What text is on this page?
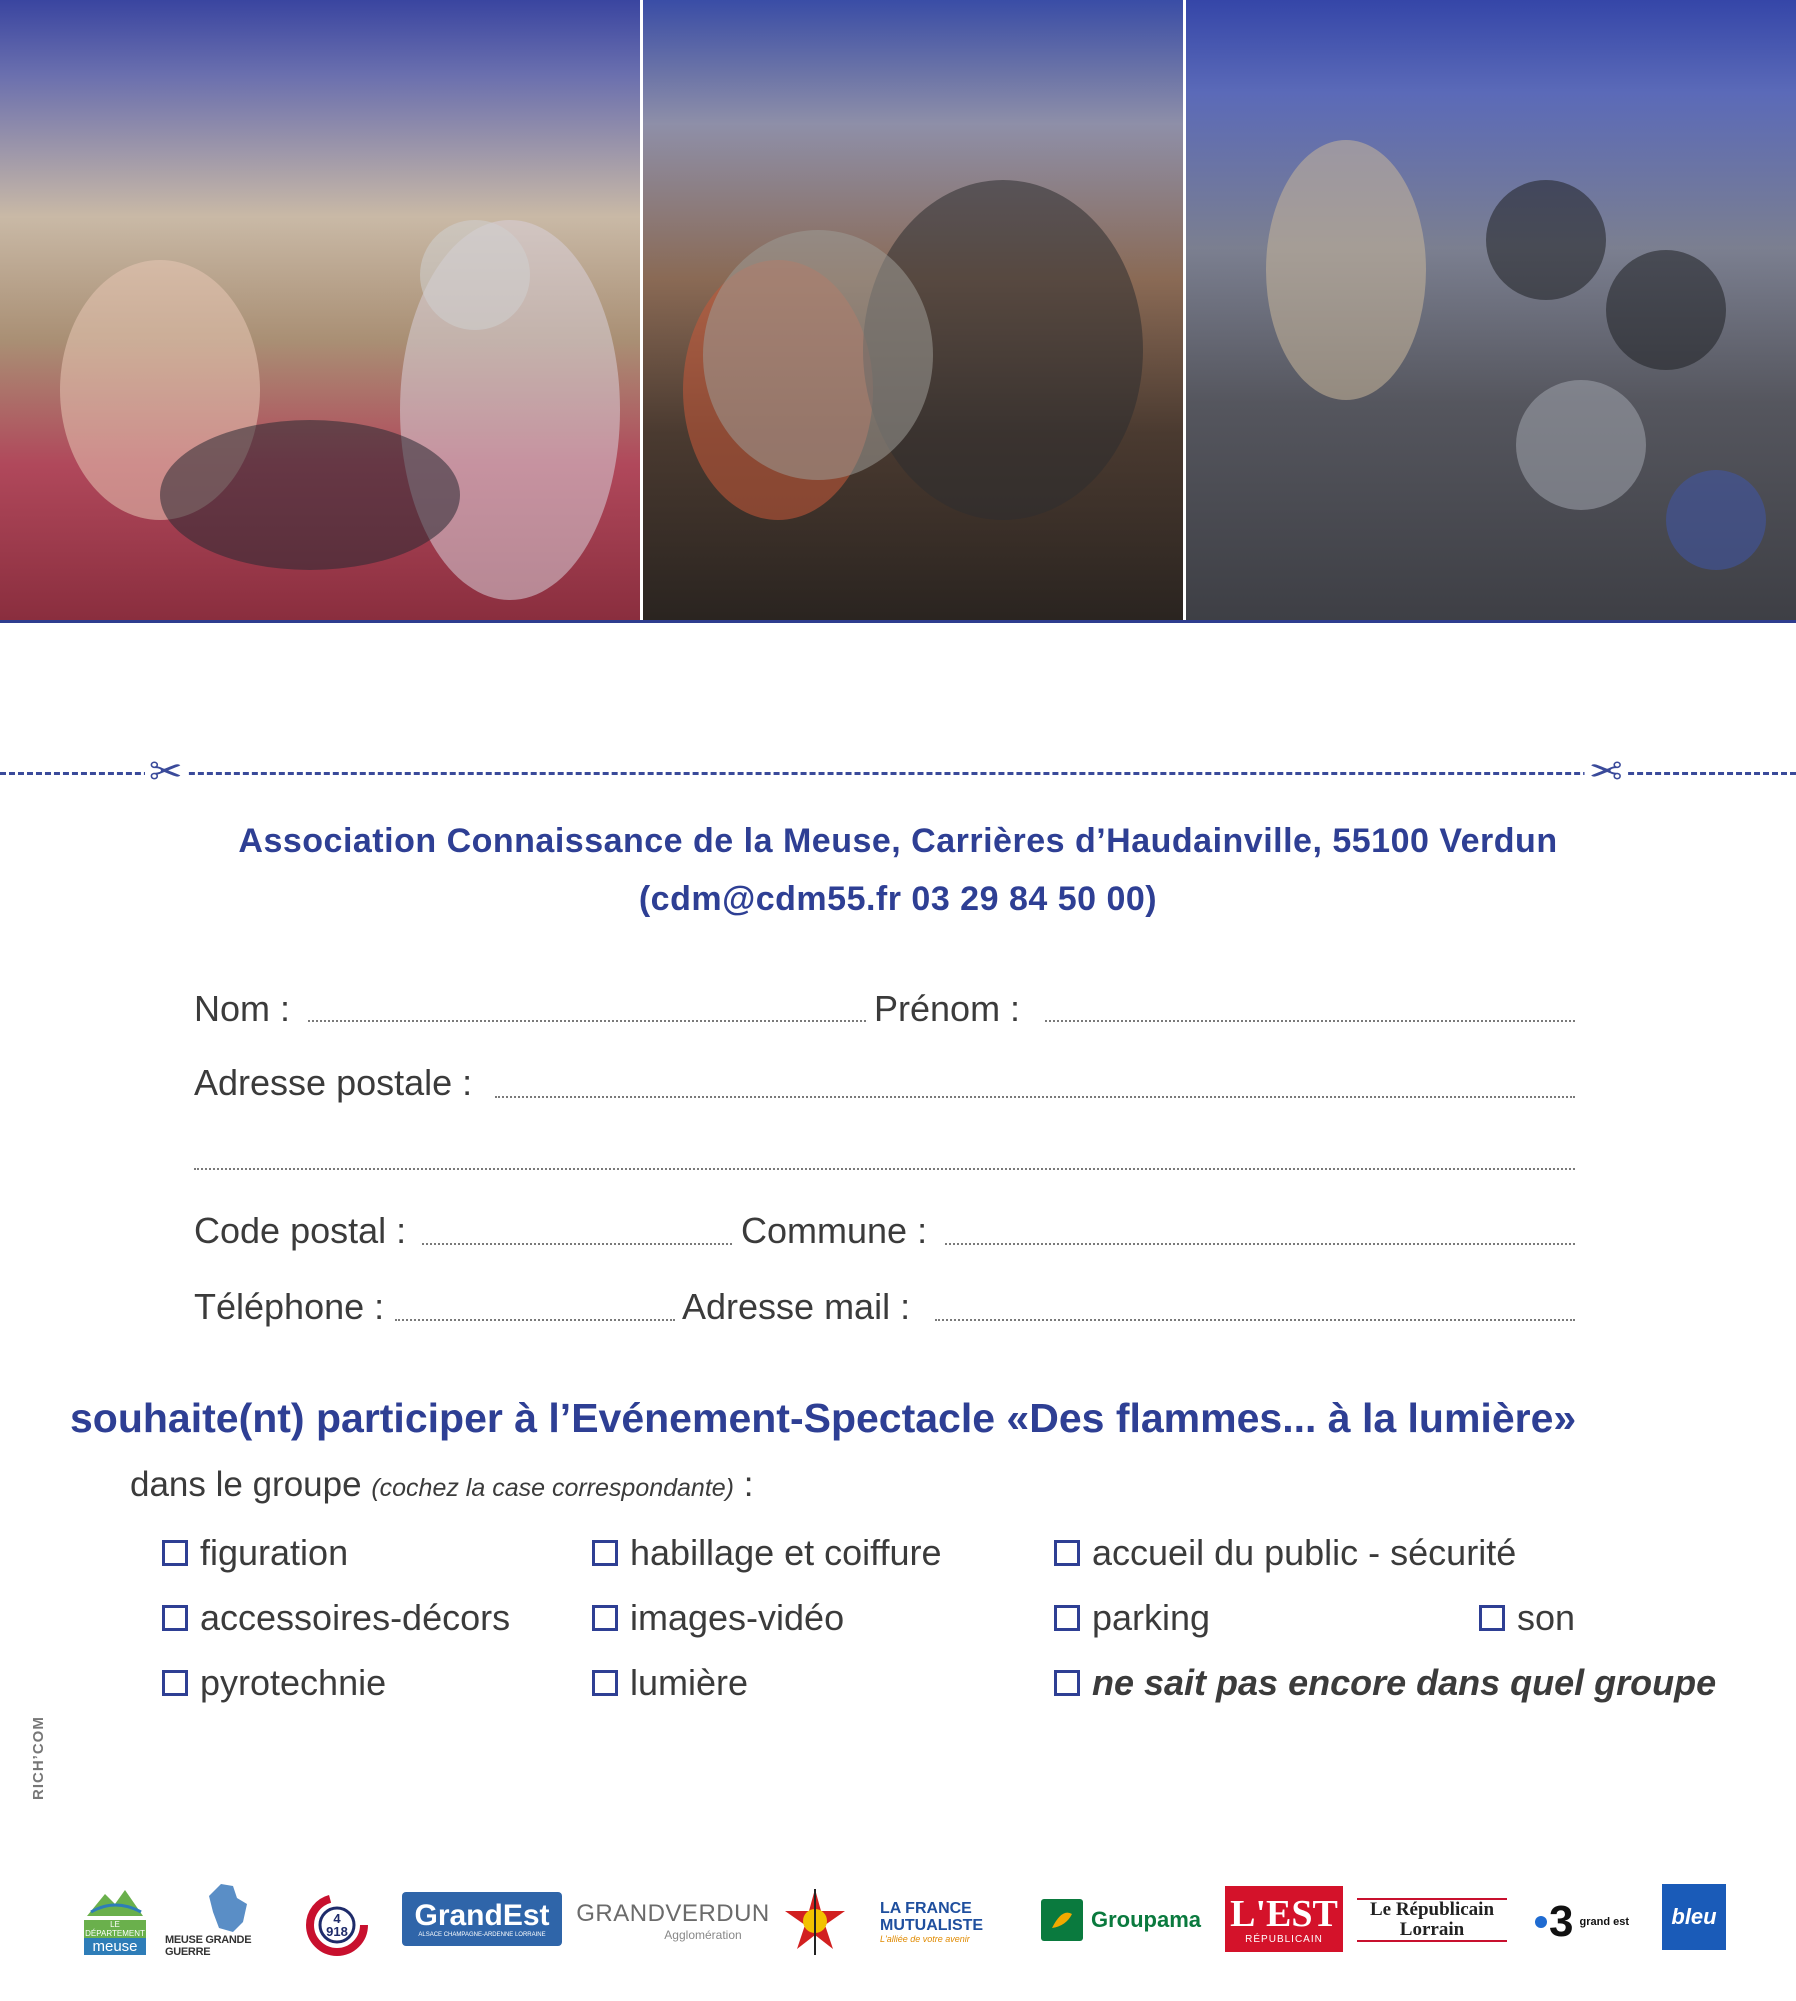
✂	✂
Association Connaissance de la Meuse, Carrières d’Haudainville, 55100 Verdun
(cdm@cdm55.fr 03 29 84 50 00)
Nom :	Prénom :
Adresse postale :
Code postal :	Commune :
Téléphone :	Adresse mail :
souhaite(nt) participer à l’Evénement-Spectacle «Des flammes... à la lumière»
dans le groupe (cochez la case correspondante) :
figuration	habillage et coiffure	accueil du public - sécurité
accessoires-décors	images-vidéo	parking	son
pyrotechnie	lumière	ne sait pas encore dans quel groupe
RICH’COM
LE DÉPARTEMENT
meuse	MEUSE GRANDE GUERRE
4
918 GrandEst
ALSACE CHAMPAGNE-ARDENNE LORRAINE
GRANDVERDUN
Agglomération
LA FRANCE MUTUALISTE
L'alliée de votre avenir
Groupama L'EST
RÉPUBLICAIN
Le Républicain Lorrain	3 grand est bleu
